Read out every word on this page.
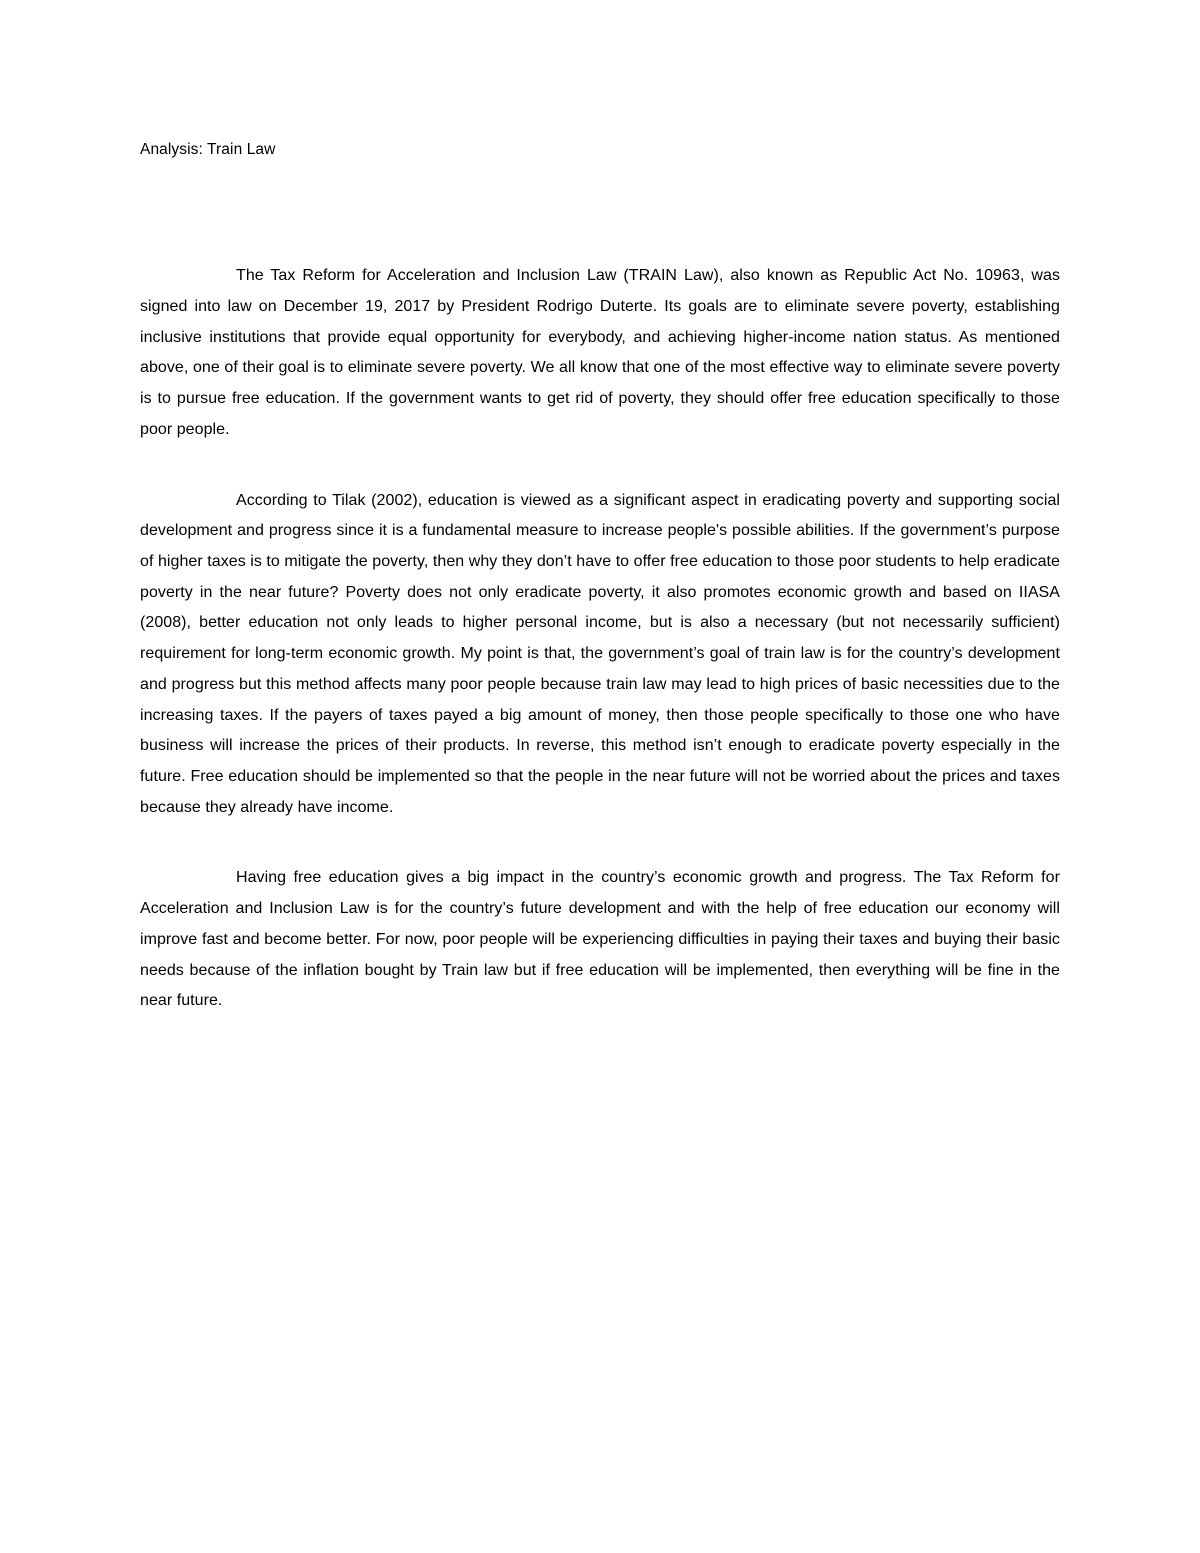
Analysis: Train Law

The Tax Reform for Acceleration and Inclusion Law (TRAIN Law), also known as Republic Act No. 10963, was signed into law on December 19, 2017 by President Rodrigo Duterte. Its goals are to eliminate severe poverty, establishing inclusive institutions that provide equal opportunity for everybody, and achieving higher-income nation status. As mentioned above, one of their goal is to eliminate severe poverty. We all know that one of the most effective way to eliminate severe poverty is to pursue free education. If the government wants to get rid of poverty, they should offer free education specifically to those poor people.

According to Tilak (2002), education is viewed as a significant aspect in eradicating poverty and supporting social development and progress since it is a fundamental measure to increase people's possible abilities. If the government’s purpose of higher taxes is to mitigate the poverty, then why they don’t have to offer free education to those poor students to help eradicate poverty in the near future? Poverty does not only eradicate poverty, it also promotes economic growth and based on IIASA (2008), better education not only leads to higher personal income, but is also a necessary (but not necessarily sufficient) requirement for long-term economic growth. My point is that, the government’s goal of train law is for the country’s development and progress but this method affects many poor people because train law may lead to high prices of basic necessities due to the increasing taxes. If the payers of taxes payed a big amount of money, then those people specifically to those one who have business will increase the prices of their products. In reverse, this method isn’t enough to eradicate poverty especially in the future. Free education should be implemented so that the people in the near future will not be worried about the prices and taxes because they already have income.

Having free education gives a big impact in the country’s economic growth and progress. The Tax Reform for Acceleration and Inclusion Law is for the country’s future development and with the help of free education our economy will improve fast and become better. For now, poor people will be experiencing difficulties in paying their taxes and buying their basic needs because of the inflation bought by Train law but if free education will be implemented, then everything will be fine in the near future.
